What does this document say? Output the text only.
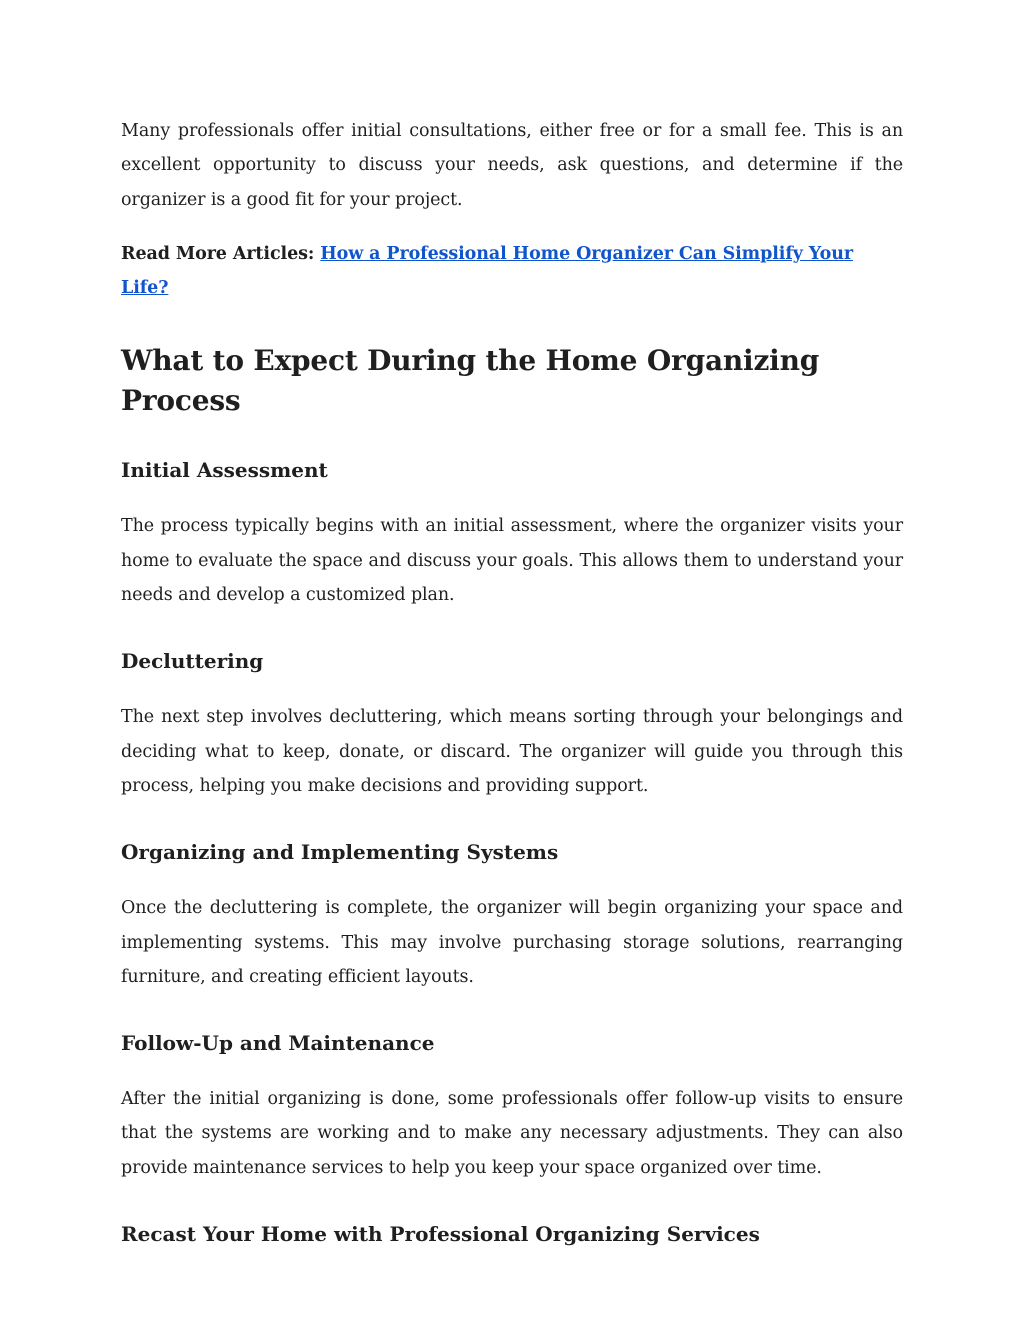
Many professionals offer initial consultations, either free or for a small fee. This is an excellent opportunity to discuss your needs, ask questions, and determine if the organizer is a good fit for your project.

Read More Articles: How a Professional Home Organizer Can Simplify Your Life?

What to Expect During the Home Organizing Process
Initial Assessment

The process typically begins with an initial assessment, where the organizer visits your home to evaluate the space and discuss your goals. This allows them to understand your needs and develop a customized plan.

Decluttering

The next step involves decluttering, which means sorting through your belongings and deciding what to keep, donate, or discard. The organizer will guide you through this process, helping you make decisions and providing support.

Organizing and Implementing Systems

Once the decluttering is complete, the organizer will begin organizing your space and implementing systems. This may involve purchasing storage solutions, rearranging furniture, and creating efficient layouts.

Follow-Up and Maintenance

After the initial organizing is done, some professionals offer follow-up visits to ensure that the systems are working and to make any necessary adjustments. They can also provide maintenance services to help you keep your space organized over time.

Recast Your Home with Professional Organizing Services
